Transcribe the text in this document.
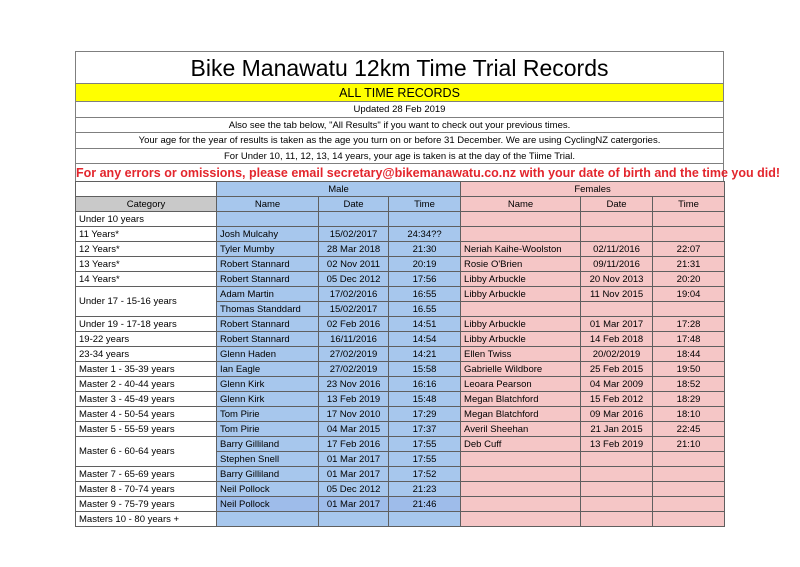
Bike Manawatu 12km Time Trial Records
ALL TIME RECORDS
Updated 28 Feb 2019
Also see the tab below, "All Results" if you want to check out your previous times.
Your age for the year of results is taken as the age you turn on or before 31 December. We are using CyclingNZ catergories.
For Under 10, 11, 12, 13, 14 years, your age is taken is at the day of the Tiime Trial.
For any errors or omissions, please email secretary@bikemanawatu.co.nz with your date of birth and the time you did!
	Male			Females		
Category	Name	Date	Time	Name	Date	Time
Under 10 years						
11 Years*	Josh Mulcahy	15/02/2017	24:34??			
12 Years*	Tyler Mumby	28 Mar 2018	21:30	Neriah Kaihe-Woolston	02/11/2016	22:07
13 Years*	Robert Stannard	02 Nov 2011	20:19	Rosie O'Brien	09/11/2016	21:31
14 Years*	Robert Stannard	05 Dec 2012	17:56	Libby Arbuckle	20 Nov 2013	20:20
Under 17 - 15-16 years	Adam Martin	17/02/2016	16:55	Libby Arbuckle	11 Nov 2015	19:04
	Thomas Standdard	15/02/2017	16.55			
Under 19 - 17-18 years	Robert Stannard	02 Feb 2016	14:51	Libby Arbuckle	01 Mar 2017	17:28
19-22 years	Robert Stannard	16/11/2016	14:54	Libby Arbuckle	14 Feb 2018	17:48
23-34 years	Glenn Haden	27/02/2019	14:21	Ellen Twiss	20/02/2019	18:44
Master 1 - 35-39 years	Ian Eagle	27/02/2019	15:58	Gabrielle Wildbore	25 Feb 2015	19:50
Master 2 - 40-44 years	Glenn Kirk	23 Nov 2016	16:16	Leoara Pearson	04 Mar 2009	18:52
Master 3 - 45-49 years	Glenn Kirk	13 Feb 2019	15:48	Megan Blatchford	15 Feb 2012	18:29
Master 4 - 50-54 years	Tom Pirie	17 Nov 2010	17:29	Megan Blatchford	09 Mar 2016	18:10
Master 5 - 55-59 years	Tom Pirie	04 Mar 2015	17:37	Averil Sheehan	21 Jan 2015	22:45
Master 6 - 60-64 years	Barry Gilliland	17 Feb 2016	17:55	Deb Cuff	13 Feb 2019	21:10
	Stephen Snell	01 Mar 2017	17:55			
Master 7 - 65-69 years	Barry Gilliland	01 Mar 2017	17:52			
Master 8 - 70-74 years	Neil Pollock	05 Dec 2012	21:23			
Master 9 - 75-79 years	Neil Pollock	01 Mar 2017	21:46			
Masters 10 - 80 years +						
